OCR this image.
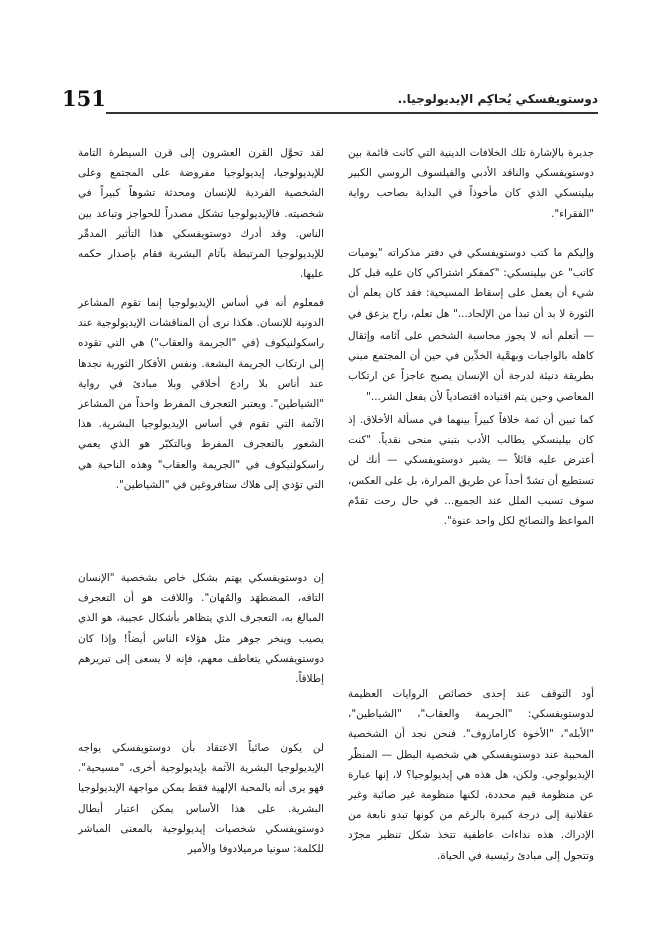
151	دوستويفسكي يُحاكِم الإيديولوجيا..

جديرة بالإشارة تلك الخلافات الدينية التي كانت قائمة بين دوستويفسكي والناقد الأدبي والفيلسوف الروسي الكبير بيلينسكي الذي كان مأخوذاً في البداية بصاحب رواية "الفقراء".

وإليكم ما كتب دوستويفسكي في دفتر مذكراته "يوميات كاتب" عن بيلينسكي: "كمفكر اشتراكي كان عليه قبل كل شيء أن يعمل على إسقاط المسيحية: فقد كان يعلم أن الثورة لا بد أن تبدأ من الإلحاد..." هل تعلم، راح يزعق في

— أتعلم أنه لا يجوز محاسبة الشخص على آثامه وإثقال كاهله بالواجبات وبهمَّية الخدِّين في حين أن المجتمع مبني بطريقة دنيئة لدرجة أن الإنسان يصبح عاجزاً عن ارتكاب المعاصي وحين يتم اقتياده اقتصادياً لأن يفعل الشر..."

كما تبين أن ثمة خلافاً كبيراً بينهما في مسألة الأخلاق. إذ كان بيلينسكي يطالب الأدب بتبني منحى نقدياً. "كنت أعترض عليه قائلاً — يشير دوستويفسكي — أنك لن تستطيع أن تشدّ أحداً عن طريق المرارة، بل على العكس، سوف تسبب الملل عند الجميع... في حال رحت تقدّم المواعظ والنصائح لكل واحد عنوة".

أود التوقف عند إحدى خصائص الروايات العظيمة لدوستويفسكي: "الجريمة والعقاب"، "الشياطين"، "الأبله"، "الأخوة كارامازوف". فنحن نجد أن الشخصية المحببة عند دوستويفسكي هي شخصية البطل — المنظّر الإيديولوجي. ولكن، هل هذه هي إيديولوجيا؟ لا، إنها عبارة عن منظومة قيم محددة، لكنها منظومة غير صائبة وغير عقلانية إلى درجة كبيرة بالرغم من كونها تبدو نابعة من الإدراك. هذه نداءات عاطفية تتخذ شكل تنظير مجرّد وتتحول إلى مبادئ رئيسية في الحياة.

لقد تحوَّل القرن العشرون إلى قرن السيطرة التامة للإيديولوجيا، إيديولوجيا مفروضة على المجتمع وعلى الشخصية الفردية للإنسان ومحدثة تشوهاً كبيراً في شخصيته. فالإيديولوجيا تشكل مصدراً للحواجز وتباعد بين الناس. وقد أدرك دوستويفسكي هذا التأثير المدمِّر للإيديولوجيا المرتبطة بآثام البشرية فقام بإصدار حكمه عليها.

فمعلوم أنه في أساس الإيديولوجيا إنما تقوم المشاعر الدونية للإنسان. هكذا نرى أن المناقشات الإيديولوجية عند راسكولنيكوف (في "الجريمة والعقاب") هي التي تقوده إلى ارتكاب الجريمة البشعة. ونفس الأفكار الثورية نجدها عند أناس بلا رادع أخلاقي وبلا مبادئ في رواية "الشياطين". ويعتبر التعجرف المفرط واحداً من المشاعر الآثمة التي تقوم في أساس الإيديولوجيا البشرية. هذا الشعور بالتعجرف المفرط وبالتكبّر هو الذي يعمي راسكولنيكوف في "الجريمة والعقاب" وهذه الناحية هي التي تؤدي إلى هلاك ستافروغين في "الشياطين".

إن دوستويفسكي يهتم بشكل خاص بشخصية "الإنسان التافه، المضطهَد والمُهان". واللافت هو أن التعجرف المبالغ به، التعجرف الذي يتظاهر بأشكال عجيبة، هو الذي يصيب وينخر جوهر مثل هؤلاء الناس أيضاً! وإذا كان دوستويفسكي يتعاطف معهم، فإنه لا يسعى إلى تبريرهم إطلاقاً.

لن يكون صائباً الاعتقاد بأن دوستويفسكي يواجه الإيديولوجيا البشرية الآثمة بإيديولوجية أخرى، "مسيحية". فهو يرى أنه بالمحبة الإلهية فقط يمكن مواجهة الإيديولوجيا البشرية. على هذا الأساس يمكن اعتبار أبطال دوستويفسكي شخصيات إيديولوجية بالمعنى المباشر للكلمة: سونيا مرميلادوفا والأمير
